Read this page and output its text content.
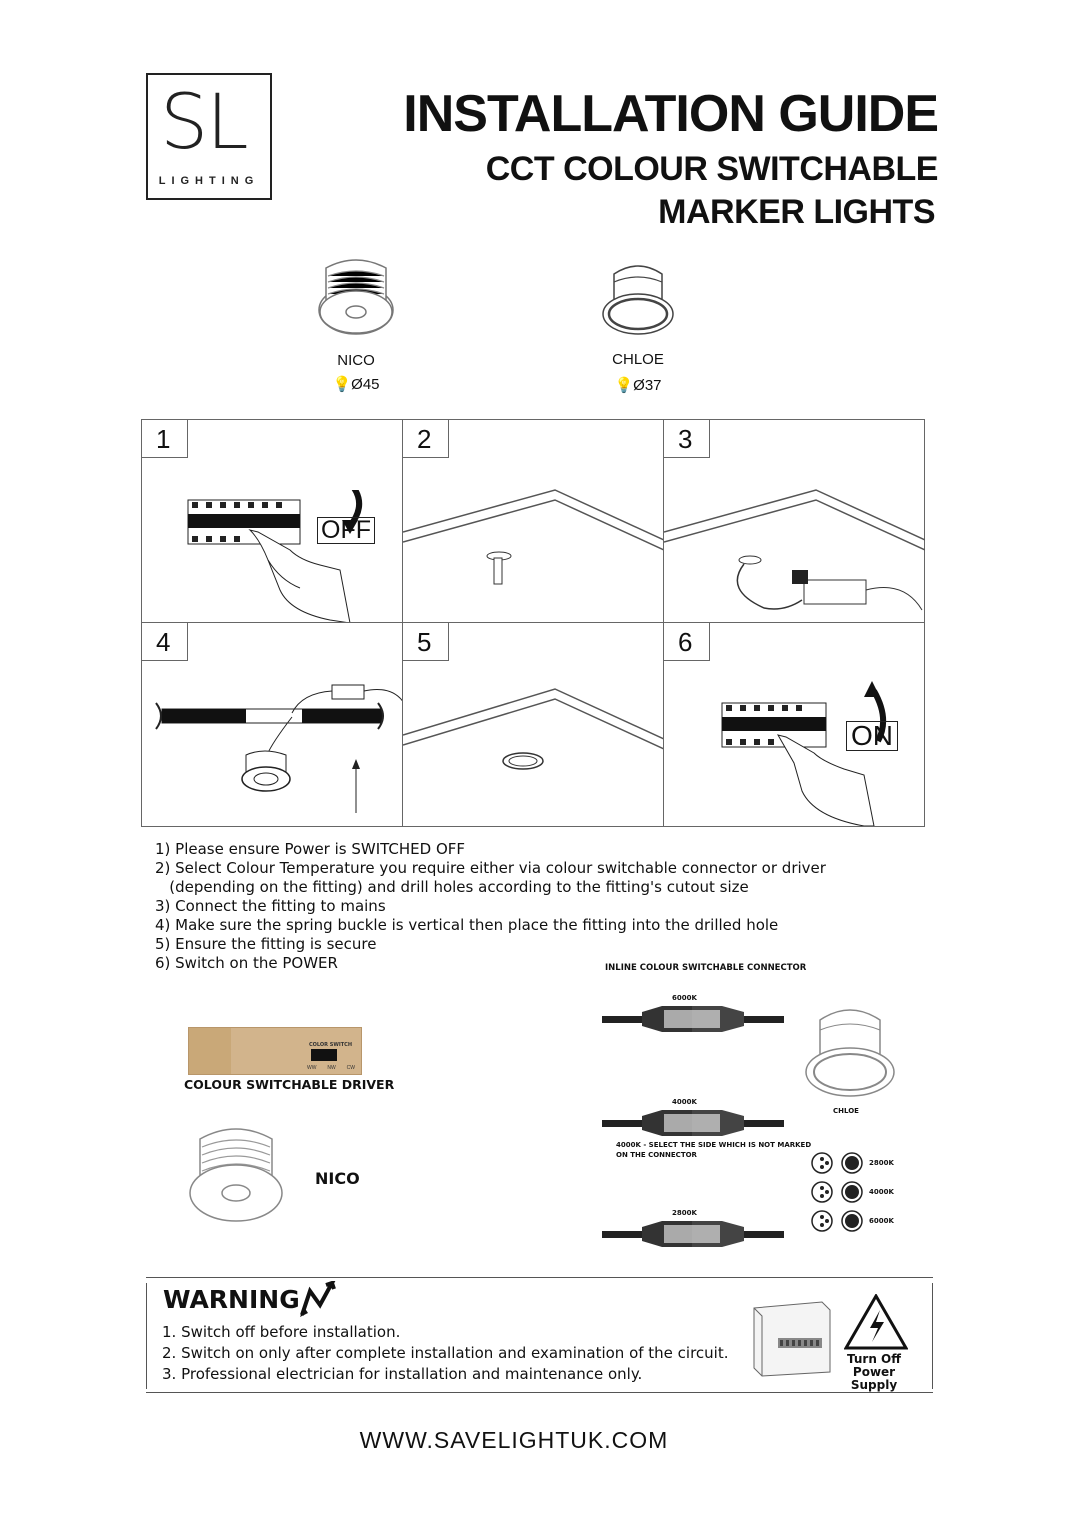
SL
LIGHTING
INSTALLATION GUIDE
CCT COLOUR SWITCHABLE
MARKER LIGHTS
NICO
💡Ø45
CHLOE
💡Ø37
1
OFF
2	3
4	5	6
ON
1) Please ensure Power is SWITCHED OFF
2) Select Colour Temperature you require either via colour switchable connector or driver
(depending on the fitting) and drill holes according to the fitting's cutout size
3) Connect the fitting to mains
4) Make sure the spring buckle is vertical then place the fitting into the drilled hole
5) Ensure the fitting is secure
6) Switch on the POWER
COLOR SWITCH
WW NW CW
COLOUR SWITCHABLE DRIVER
NICO
INLINE COLOUR SWITCHABLE CONNECTOR
6000K
4000K
4000K - SELECT THE SIDE WHICH IS NOT MARKED
ON THE CONNECTOR
2800K
CHLOE
2800K
4000K
6000K
WARNING
1. Switch off before installation.
2. Switch on only after complete installation and examination of the circuit.
3. Professional electrician for installation and maintenance only.
Turn Off
Power Supply
WWW.SAVELIGHTUK.COM
